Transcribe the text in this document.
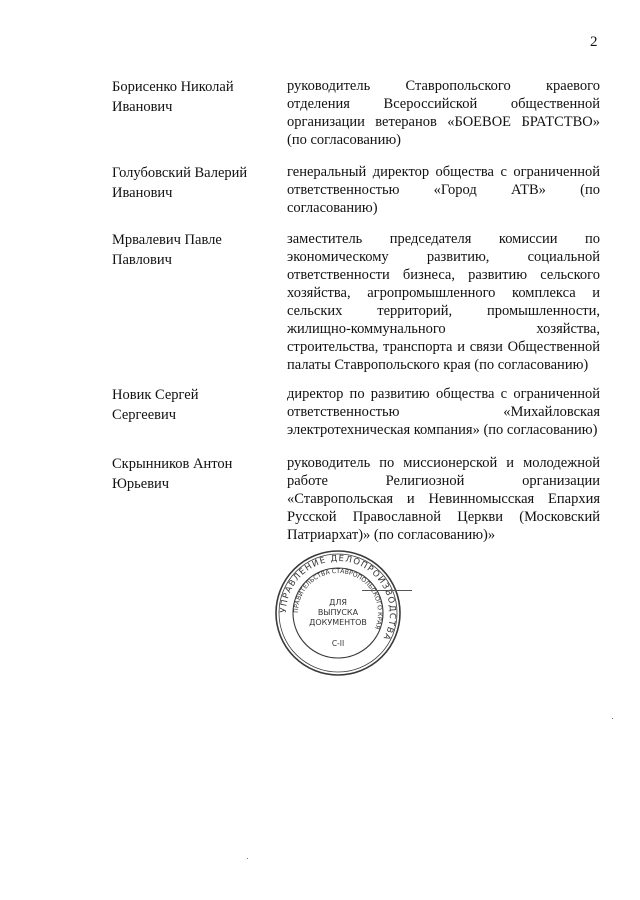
2
Борисенко Николай
Иванович
руководитель Ставропольского краевого отделения Всероссийской общественной организации ветеранов «БОЕВОЕ БРАТСТВО» (по согласованию)
Голубовский Валерий
Иванович
генеральный директор общества с ограниченной ответственностью «Город АТВ» (по согласованию)
Мрвалевич Павле
Павлович
заместитель председателя комиссии по экономическому развитию, социальной ответственности бизнеса, развитию сельского хозяйства, агропромышленного комплекса и сельских территорий, промышленности, жилищно-коммунального хозяйства, строительства, транспорта и связи Общественной палаты Ставропольского края (по согласованию)
Новик Сергей
Сергеевич
директор по развитию общества с ограниченной ответственностью «Михайловская электротехническая компания» (по согласованию)
Скрынников Антон
Юрьевич
руководитель по миссионерской и молодежной работе Религиозной организации «Ставропольская и Невинномысская Епархия Русской Православной Церкви (Московский Патриархат)» (по согласованию)»
УПРАВЛЕНИЕ ДЕЛОПРОИЗВОДСТВА
ПРАВИТЕЛЬСТВА СТАВРОПОЛЬСКОГО КРАЯ
ДЛЯ
ВЫПУСКА
ДОКУМЕНТОВ
С-II
